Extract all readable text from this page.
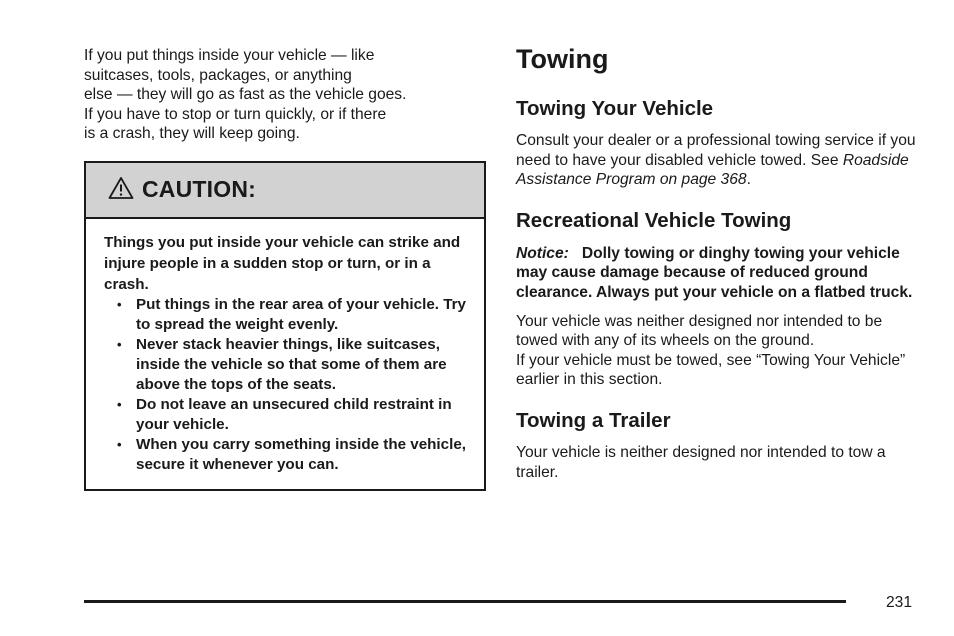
If you put things inside your vehicle — like

suitcases, tools, packages, or anything

else — they will go as fast as the vehicle goes.

If you have to stop or turn quickly, or if there

is a crash, they will keep going.

CAUTION:

Things you put inside your vehicle can strike and injure people in a sudden stop or turn, or in a crash.

• Put things in the rear area of your vehicle. Try to spread the weight evenly.
• Never stack heavier things, like suitcases, inside the vehicle so that some of them are above the tops of the seats.
• Do not leave an unsecured child restraint in your vehicle.
• When you carry something inside the vehicle, secure it whenever you can.
Towing
Towing Your Vehicle

Consult your dealer or a professional towing service if you need to have your disabled vehicle towed. See Roadside Assistance Program on page 368.

Recreational Vehicle Towing

Notice: Dolly towing or dinghy towing your vehicle may cause damage because of reduced ground clearance. Always put your vehicle on a flatbed truck.

Your vehicle was neither designed nor intended to be towed with any of its wheels on the ground.

If your vehicle must be towed, see “Towing Your Vehicle” earlier in this section.

Towing a Trailer

Your vehicle is neither designed nor intended to tow a trailer.

231
